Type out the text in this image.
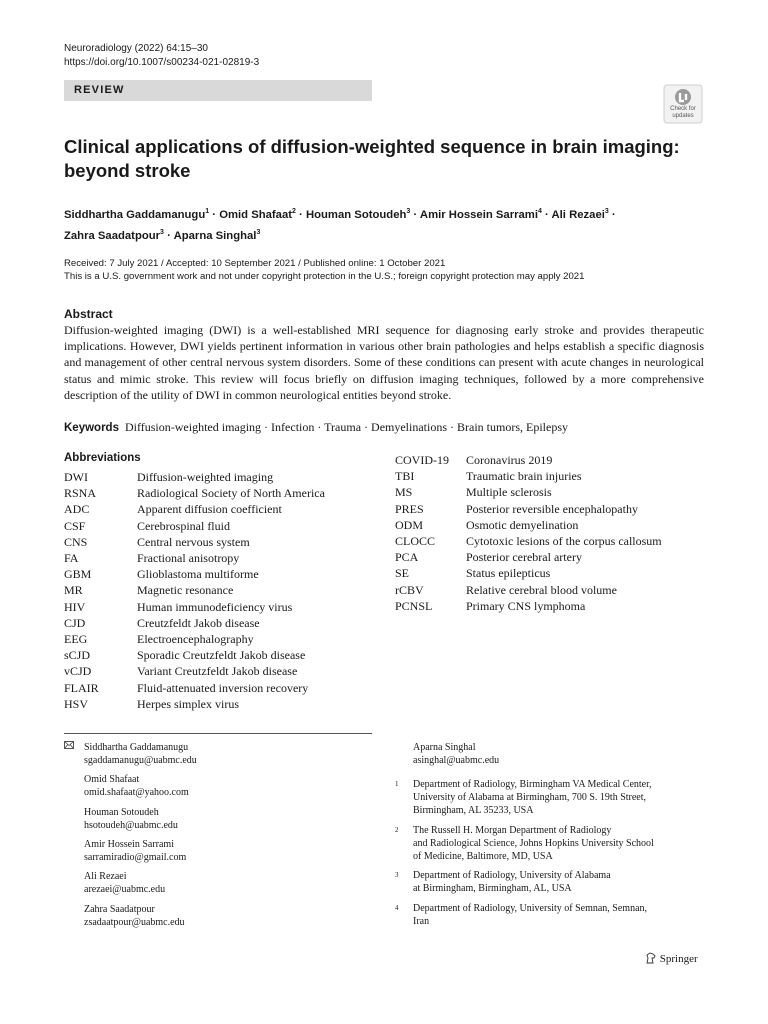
Neuroradiology (2022) 64:15–30
https://doi.org/10.1007/s00234-021-02819-3
REVIEW
Check for
updates
Clinical applications of diffusion-weighted sequence in brain imaging: beyond stroke
Siddhartha Gaddamanugu$^1$ · Omid Shafaat$^2$ · Houman Sotoudeh$^3$ · Amir Hossein Sarrami$^4$ · Ali Rezaei$^3$ ·
Zahra Saadatpour$^3$ · Aparna Singhal$^3$
Received: 7 July 2021 / Accepted: 10 September 2021 / Published online: 1 October 2021
This is a U.S. government work and not under copyright protection in the U.S.; foreign copyright protection may apply 2021
Abstract
Diffusion-weighted imaging (DWI) is a well-established MRI sequence for diagnosing early stroke and provides therapeutic implications. However, DWI yields pertinent information in various other brain pathologies and helps establish a specific diagnosis and management of other central nervous system disorders. Some of these conditions can present with acute changes in neurological status and mimic stroke. This review will focus briefly on diffusion imaging techniques, followed by a more comprehensive description of the utility of DWI in common neurological entities beyond stroke.
Keywords Diffusion-weighted imaging · Infection · Trauma · Demyelinations · Brain tumors, Epilepsy
Abbreviations
DWI	Diffusion-weighted imaging
RSNA	Radiological Society of North America
ADC	Apparent diffusion coefficient
CSF	Cerebrospinal fluid
CNS	Central nervous system
FA	Fractional anisotropy
GBM	Glioblastoma multiforme
MR	Magnetic resonance
HIV	Human immunodeficiency virus
CJD	Creutzfeldt Jakob disease
EEG	Electroencephalography
sCJD	Sporadic Creutzfeldt Jakob disease
vCJD	Variant Creutzfeldt Jakob disease
FLAIR	Fluid-attenuated inversion recovery
HSV	Herpes simplex virus
COVID-19	Coronavirus 2019
TBI	Traumatic brain injuries
MS	Multiple sclerosis
PRES	Posterior reversible encephalopathy
ODM	Osmotic demyelination
CLOCC	Cytotoxic lesions of the corpus callosum
PCA	Posterior cerebral artery
SE	Status epilepticus
rCBV	Relative cerebral blood volume
PCNSL	Primary CNS lymphoma
Siddhartha Gaddamanugu
sgaddamanugu@uabmc.edu
Omid Shafaat
omid.shafaat@yahoo.com
Houman Sotoudeh
hsotoudeh@uabmc.edu
Amir Hossein Sarrami
sarramiradio@gmail.com
Ali Rezaei
arezaei@uabmc.edu
Zahra Saadatpour
zsadaatpour@uabmc.edu
Aparna Singhal
asinghal@uabmc.edu
1	Department of Radiology, Birmingham VA Medical Center,
University of Alabama at Birmingham, 700 S. 19th Street,
Birmingham, AL 35233, USA
2	The Russell H. Morgan Department of Radiology
and Radiological Science, Johns Hopkins University School
of Medicine, Baltimore, MD, USA
3	Department of Radiology, University of Alabama
at Birmingham, Birmingham, AL, USA
4	Department of Radiology, University of Semnan, Semnan,
Iran
Springer
